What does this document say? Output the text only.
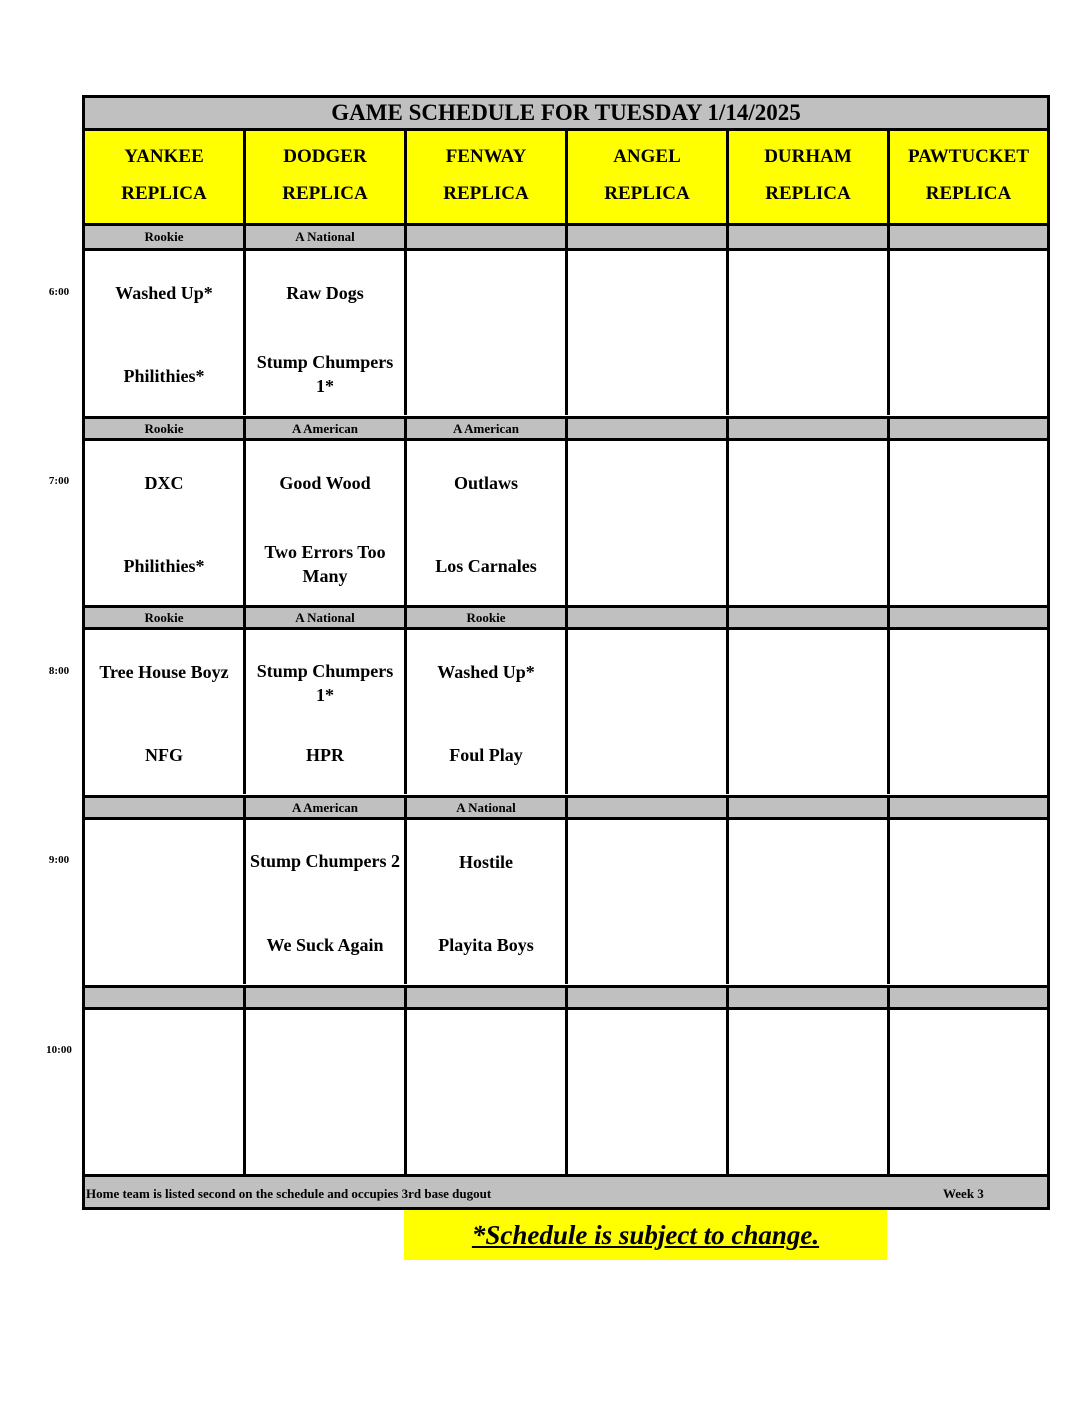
GAME SCHEDULE FOR TUESDAY 1/14/2025
Home team is listed second on the schedule and occupies 3rd base dugout	Week 3
*Schedule is subject to change.
YANKEE
REPLICA
DODGER
REPLICA
FENWAY
REPLICA
ANGEL
REPLICA
DURHAM
REPLICA
PAWTUCKET
REPLICA
6:00
Rookie
Washed Up*
Philithies*
A National
Raw Dogs
Stump Chumpers 1*
7:00
Rookie
DXC
Philithies*
A American
Good Wood
Two Errors Too Many
A American
Outlaws
Los Carnales
8:00
Rookie
Tree House Boyz
NFG
A National
Stump Chumpers 1*
HPR
Rookie
Washed Up*
Foul Play
9:00
A American
Stump Chumpers 2
We Suck Again
A National
Hostile
Playita Boys
10:00
